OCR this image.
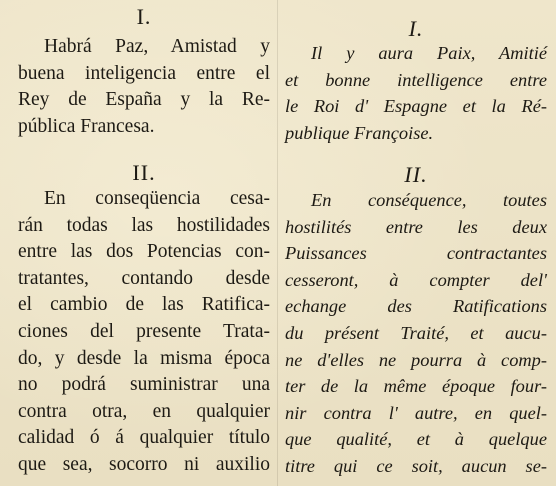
I.

Habrá Paz, Amistad y
buena inteligencia entre el
Rey de España y la Re-
pública Francesa.

II.

En conseqüencia cesa-
rán todas las hostilidades
entre las dos Potencias con-
tratantes, contando desde
el cambio de las Ratifica-
ciones del presente Trata-
do, y desde la misma época
no podrá suministrar una
contra otra, en qualquier
calidad ó á qualquier título
que sea, socorro ni auxilio

I.

Il y aura Paix, Amitié
et bonne intelligence entre
le Roi d' Espagne et la Ré-
publique Françoise.

II.

En conséquence, toutes
hostilités entre les deux
Puissances contractantes
cesseront, à compter del'
echange des Ratifications
du présent Traité, et aucu-
ne d'elles ne pourra à comp-
ter de la même époque four-
nir contra l' autre, en quel-
que qualité, et à quelque
titre qui ce soit, aucun se-
